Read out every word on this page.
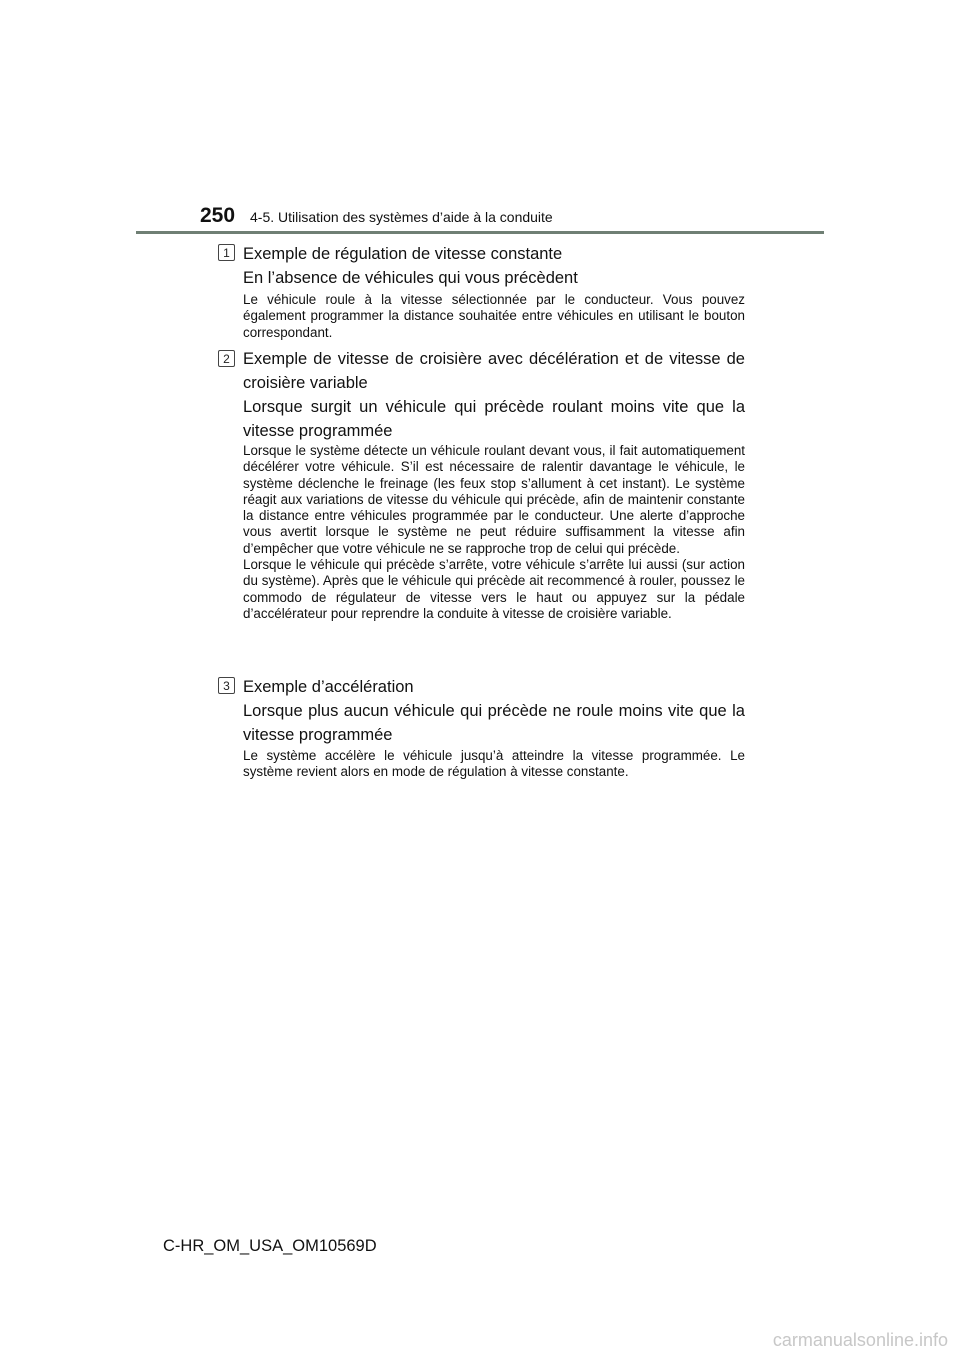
250 4-5. Utilisation des systèmes d’aide à la conduite
1 Exemple de régulation de vitesse constante
En l’absence de véhicules qui vous précèdent

Le véhicule roule à la vitesse sélectionnée par le conducteur. Vous pouvez également programmer la distance souhaitée entre véhicules en utilisant le bouton correspondant.

2 Exemple de vitesse de croisière avec décélération et de vitesse de croisière variable
Lorsque surgit un véhicule qui précède roulant moins vite que la vitesse programmée

Lorsque le système détecte un véhicule roulant devant vous, il fait automatiquement décélérer votre véhicule. S’il est nécessaire de ralentir davantage le véhicule, le système déclenche le freinage (les feux stop s’allument à cet instant). Le système réagit aux variations de vitesse du véhicule qui précède, afin de maintenir constante la distance entre véhicules programmée par le conducteur. Une alerte d’approche vous avertit lorsque le système ne peut réduire suffisamment la vitesse afin d’empêcher que votre véhicule ne se rapproche trop de celui qui précède.

Lorsque le véhicule qui précède s’arrête, votre véhicule s’arrête lui aussi (sur action du système). Après que le véhicule qui précède ait recommencé à rouler, poussez le commodo de régulateur de vitesse vers le haut ou appuyez sur la pédale d’accélérateur pour reprendre la conduite à vitesse de croisière variable.

3 Exemple d’accélération
Lorsque plus aucun véhicule qui précède ne roule moins vite que la vitesse programmée

Le système accélère le véhicule jusqu’à atteindre la vitesse programmée. Le système revient alors en mode de régulation à vitesse constante.

C-HR_OM_USA_OM10569D
carmanualsonline.info
